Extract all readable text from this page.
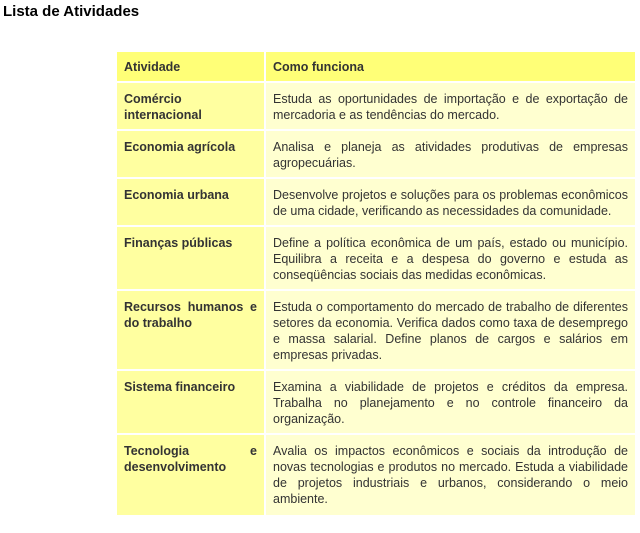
Lista de Atividades
Atividade	Como funciona
Comércio internacional	Estuda as oportunidades de importação e de exportação de mercadoria e as tendências do mercado.
Economia agrícola	Analisa e planeja as atividades produtivas de empresas agropecuárias.
Economia urbana	Desenvolve projetos e soluções para os problemas econômicos de uma cidade, verificando as necessidades da comunidade.
Finanças públicas	Define a política econômica de um país, estado ou município. Equilibra a receita e a despesa do governo e estuda as conseqüências sociais das medidas econômicas.
Recursos humanos e do trabalho	Estuda o comportamento do mercado de trabalho de diferentes setores da economia. Verifica dados como taxa de desemprego e massa salarial. Define planos de cargos e salários em empresas privadas.
Sistema financeiro	Examina a viabilidade de projetos e créditos da empresa. Trabalha no planejamento e no controle financeiro da organização.
Tecnologia e desenvolvimento	Avalia os impactos econômicos e sociais da introdução de novas tecnologias e produtos no mercado. Estuda a viabilidade de projetos industriais e urbanos, considerando o meio ambiente.
